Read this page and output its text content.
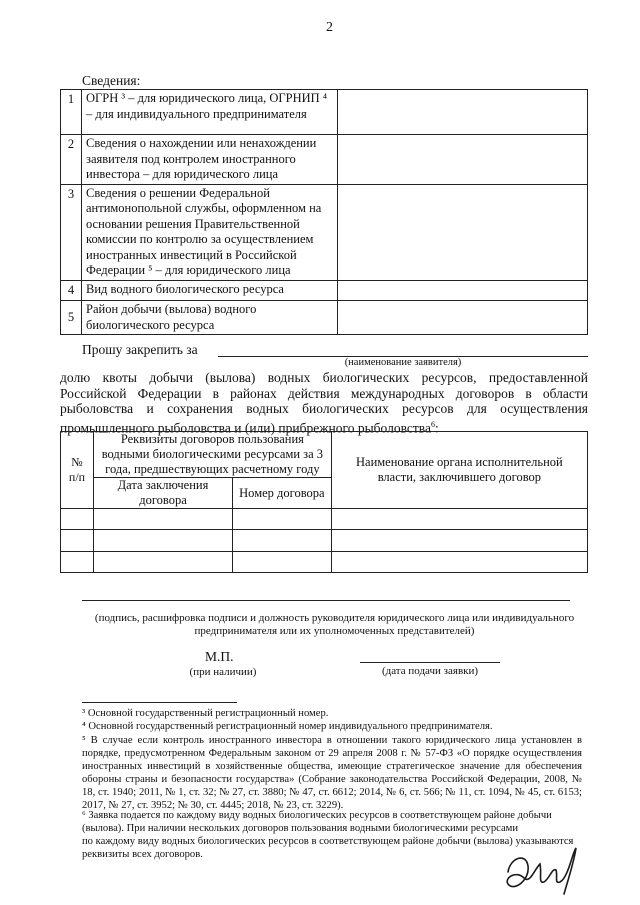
2
Сведения:
1	ОГРН ³ – для юридического лица, ОГРНИП ⁴ – для индивидуального предпринимателя	
2	Сведения о нахождении или ненахождении заявителя под контролем иностранного инвестора – для юридического лица	
3	Сведения о решении Федеральной антимонопольной службы, оформленном на основании решения Правительственной комиссии по контролю за осуществлением иностранных инвестиций в Российской Федерации ⁵ – для юридического лица	
4	Вид водного биологического ресурса	
5	Район добычи (вылова) водного биологического ресурса	
Прошу закрепить за
(наименование заявителя)
долю квоты добычи (вылова) водных биологических ресурсов, предоставленной
Российской Федерации в районах действия международных договоров в области
рыболовства и сохранения водных биологических ресурсов для осуществления
промышленного рыболовства и (или) прибрежного рыболовства$^6$:
№ п/п	Реквизиты договоров пользования водными биологическими ресурсами за 3 года, предшествующих расчетному году		Наименование органа исполнительной власти, заключившего договор
	Дата заключения договора	Номер договора	

(подпись, расшифровка подписи и должность руководителя юридического лица или индивидуального предпринимателя или их уполномоченных представителей)
М.П.
(при наличии)	(дата подачи заявки)
³ Основной государственный регистрационный номер.
⁴ Основной государственный регистрационный номер индивидуального предпринимателя.
⁵ В случае если контроль иностранного инвестора в отношении такого юридического лица установлен в порядке, предусмотренном Федеральным законом от 29 апреля 2008 г. № 57-ФЗ «О порядке осуществления иностранных инвестиций в хозяйственные общества, имеющие стратегическое значение для обеспечения обороны страны и безопасности государства» (Собрание законодательства Российской Федерации, 2008, № 18, ст. 1940; 2011, № 1, ст. 32; № 27, ст. 3880; № 47, ст. 6612; 2014, № 6, ст. 566; № 11, ст. 1094, № 45, ст. 6153; 2017, № 27, ст. 3952; № 30, ст. 4445; 2018, № 23, ст. 3229).
⁶ Заявка подается по каждому виду водных биологических ресурсов в соответствующем районе добычи
(вылова). При наличии нескольких договоров пользования водными биологическими ресурсами
по каждому виду водных биологических ресурсов в соответствующем районе добычи (вылова) указываются
реквизиты всех договоров.
